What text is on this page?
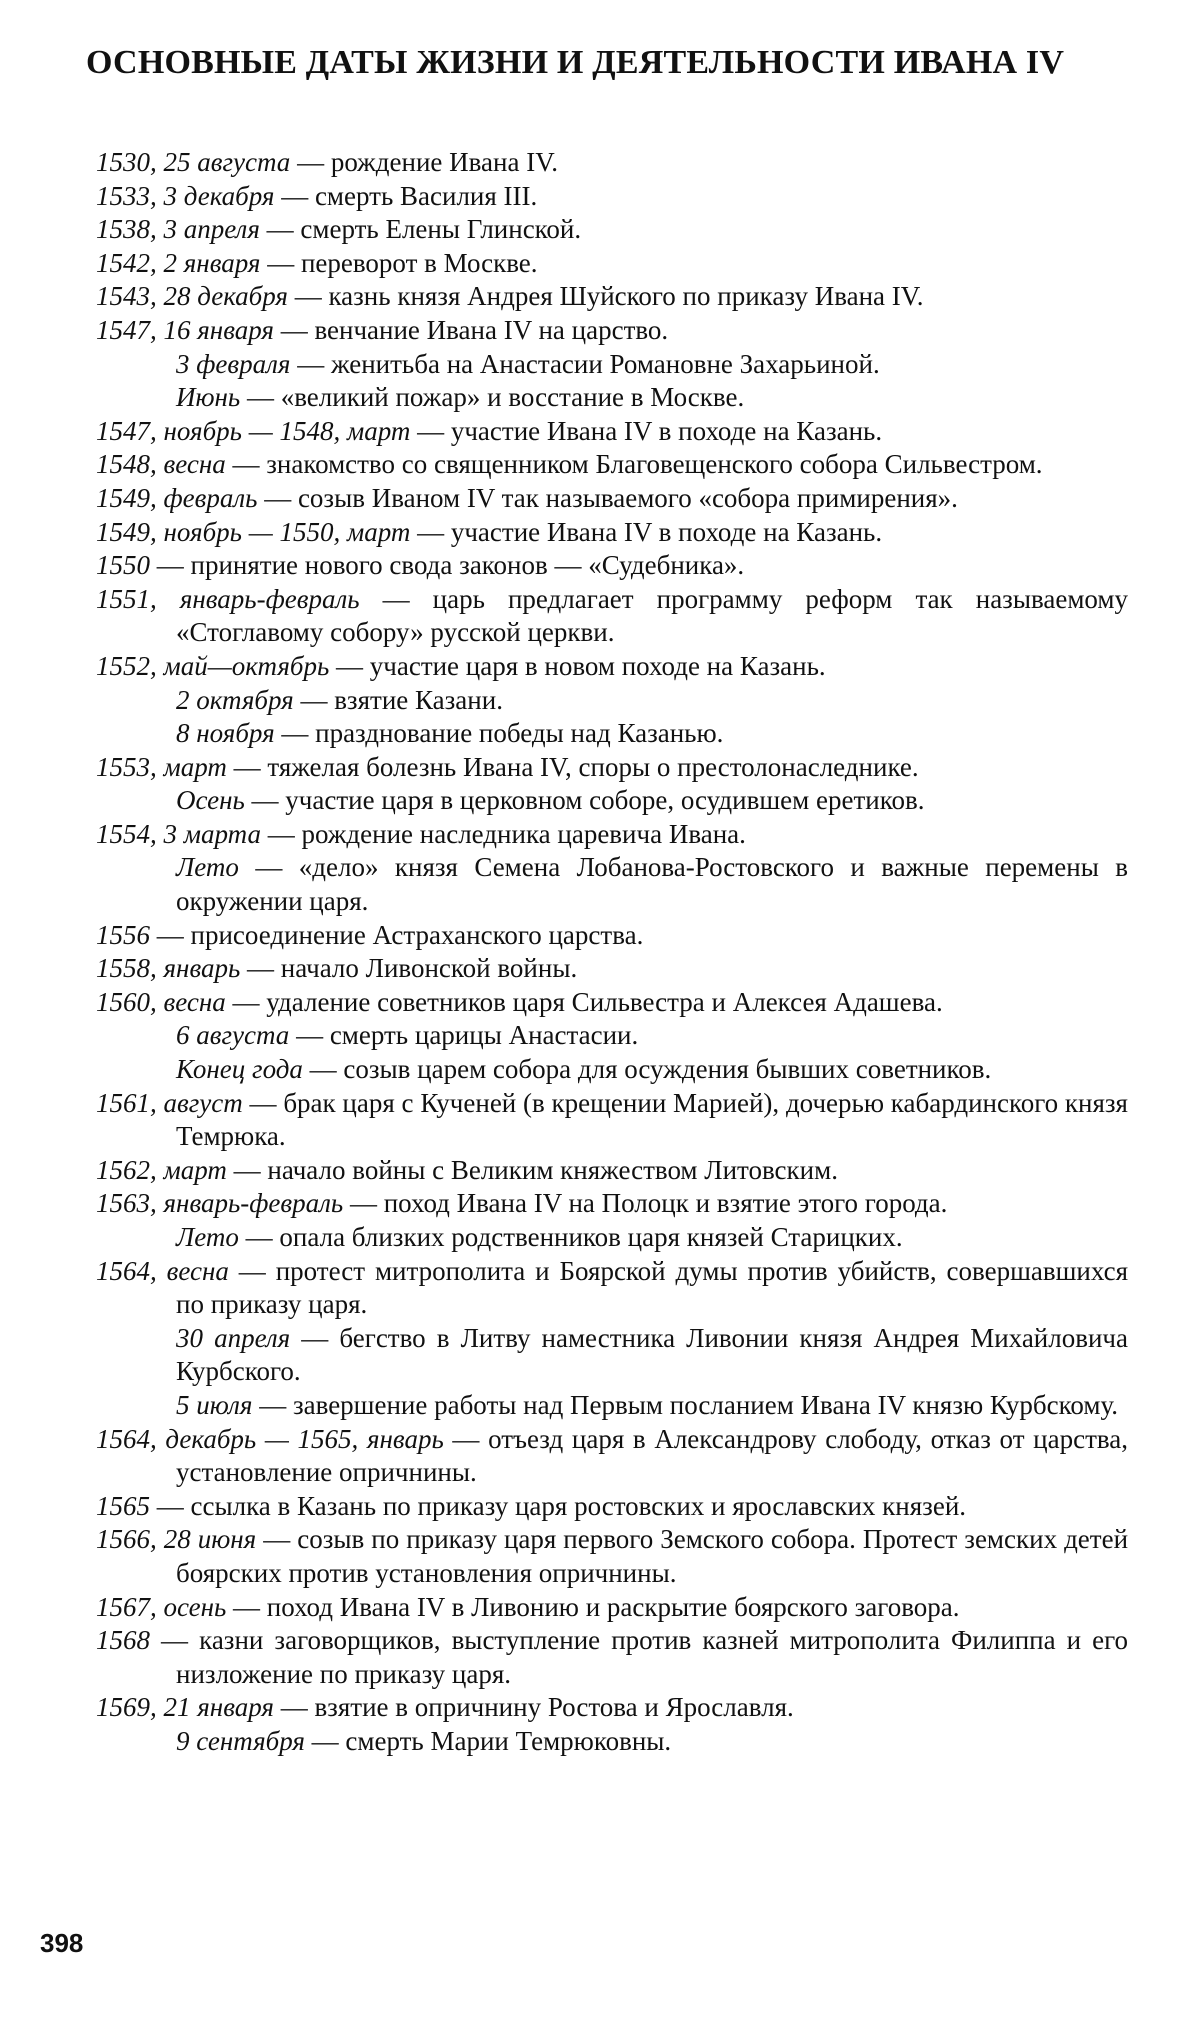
ОСНОВНЫЕ ДАТЫ ЖИЗНИ И ДЕЯТЕЛЬНОСТИ ИВАНА IV

1530, 25 августа — рождение Ивана IV.

1533, 3 декабря — смерть Василия III.

1538, 3 апреля — смерть Елены Глинской.

1542, 2 января — переворот в Москве.

1543, 28 декабря — казнь князя Андрея Шуйского по приказу Ивана IV.

1547, 16 января — венчание Ивана IV на царство.

3 февраля — женитьба на Анастасии Романовне Захарьиной.

Июнь — «великий пожар» и восстание в Москве.

1547, ноябрь — 1548, март — участие Ивана IV в походе на Казань.

1548, весна — знакомство со священником Благовещенского собора Сильвестром.

1549, февраль — созыв Иваном IV так называемого «собора примирения».

1549, ноябрь — 1550, март — участие Ивана IV в походе на Казань.

1550 — принятие нового свода законов — «Судебника».

1551, январь-февраль — царь предлагает программу реформ так называемому «Стоглавому собору» русской церкви.

1552, май—октябрь — участие царя в новом походе на Казань.

2 октября — взятие Казани.

8 ноября — празднование победы над Казанью.

1553, март — тяжелая болезнь Ивана IV, споры о престолонаследнике.

Осень — участие царя в церковном соборе, осудившем еретиков.

1554, 3 марта — рождение наследника царевича Ивана.

Лето — «дело» князя Семена Лобанова-Ростовского и важные перемены в окружении царя.

1556 — присоединение Астраханского царства.

1558, январь — начало Ливонской войны.

1560, весна — удаление советников царя Сильвестра и Алексея Адашева.

6 августа — смерть царицы Анастасии.

Конец года — созыв царем собора для осуждения бывших советников.

1561, август — брак царя с Кученей (в крещении Марией), дочерью кабардинского князя Темрюка.

1562, март — начало войны с Великим княжеством Литовским.

1563, январь-февраль — поход Ивана IV на Полоцк и взятие этого города.

Лето — опала близких родственников царя князей Старицких.

1564, весна — протест митрополита и Боярской думы против убийств, совершавшихся по приказу царя.

30 апреля — бегство в Литву наместника Ливонии князя Андрея Михайловича Курбского.

5 июля — завершение работы над Первым посланием Ивана IV князю Курбскому.

1564, декабрь — 1565, январь — отъезд царя в Александрову слободу, отказ от царства, установление опричнины.

1565 — ссылка в Казань по приказу царя ростовских и ярославских князей.

1566, 28 июня — созыв по приказу царя первого Земского собора. Протест земских детей боярских против установления опричнины.

1567, осень — поход Ивана IV в Ливонию и раскрытие боярского заговора.

1568 — казни заговорщиков, выступление против казней митрополита Филиппа и его низложение по приказу царя.

1569, 21 января — взятие в опричнину Ростова и Ярославля.

9 сентября — смерть Марии Темрюковны.

398
